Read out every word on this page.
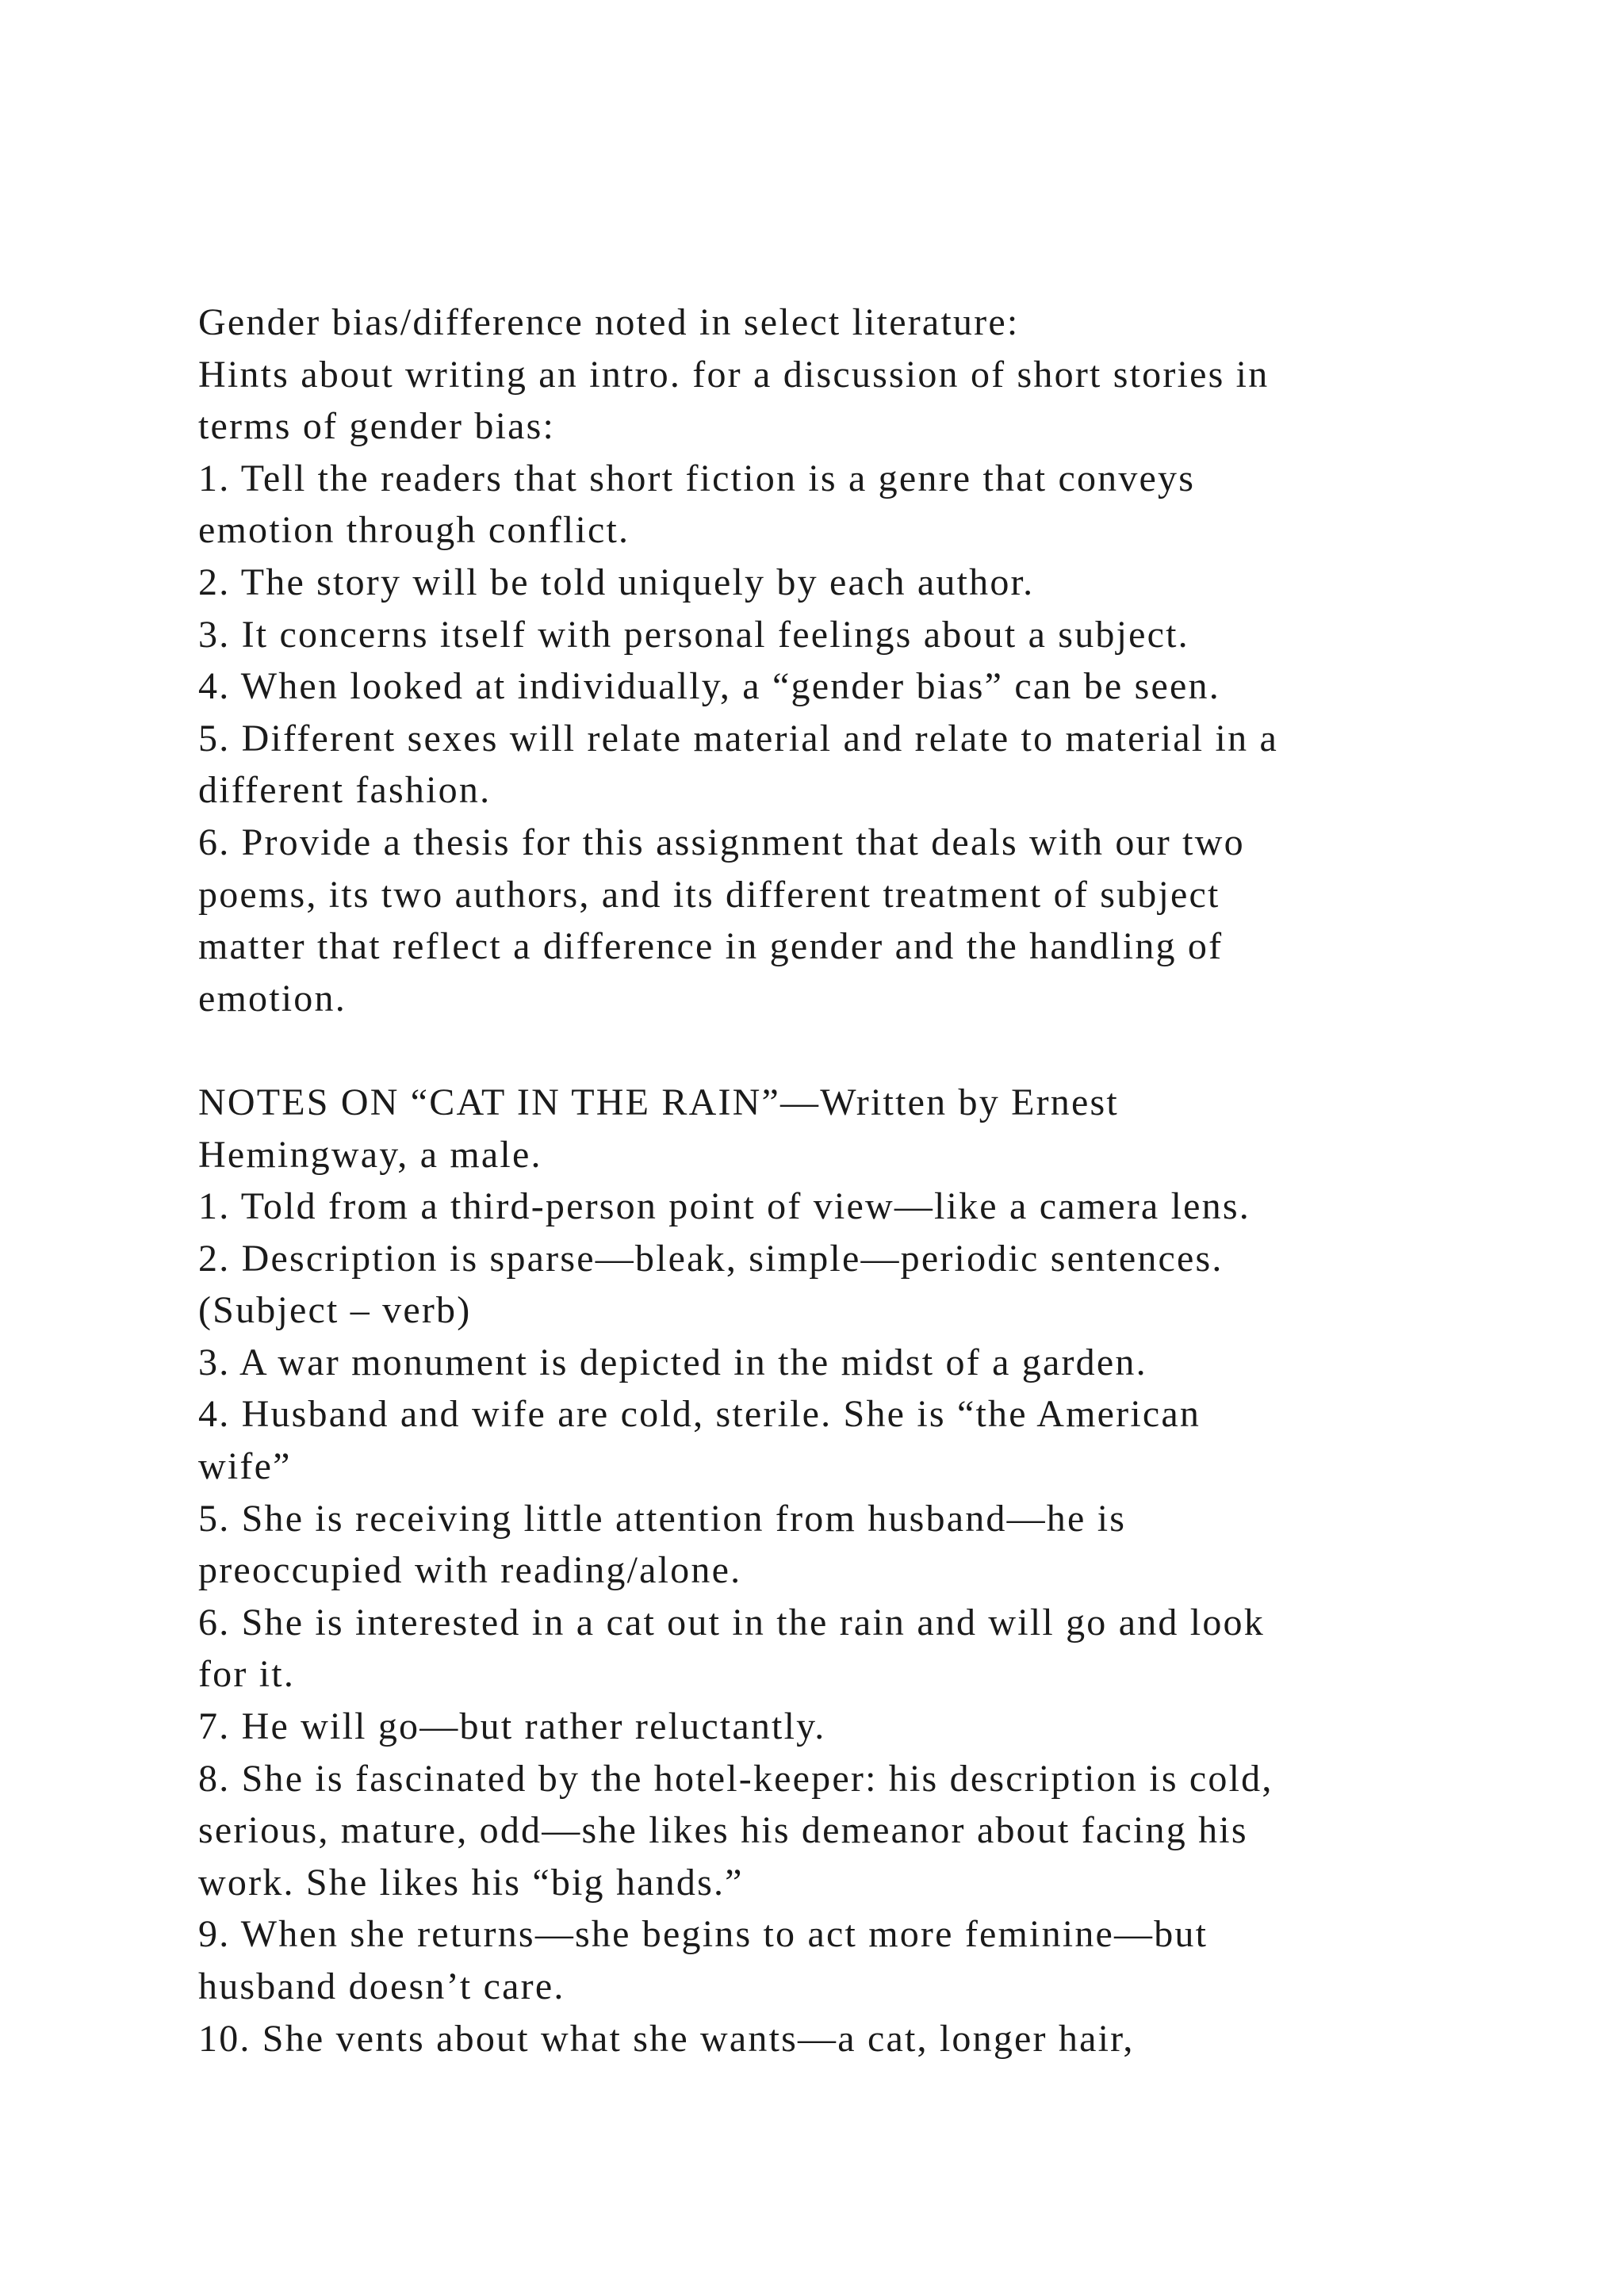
Gender bias/difference noted in select literature:
Hints about writing an intro. for a discussion of short stories in
terms of gender bias:
1. Tell the readers that short fiction is a genre that conveys
emotion through conflict.
2. The story will be told uniquely by each author.
3. It concerns itself with personal feelings about a subject.
4. When looked at individually, a “gender bias” can be seen.
5. Different sexes will relate material and relate to material in a
different fashion.
6. Provide a thesis for this assignment that deals with our two
poems, its two authors, and its different treatment of subject
matter that reflect a difference in gender and the handling of
emotion.
NOTES ON “CAT IN THE RAIN”—Written by Ernest
Hemingway, a male.
1. Told from a third-person point of view—like a camera lens.
2. Description is sparse—bleak, simple—periodic sentences.
(Subject – verb)
3. A war monument is depicted in the midst of a garden.
4. Husband and wife are cold, sterile. She is “the American
wife”
5. She is receiving little attention from husband—he is
preoccupied with reading/alone.
6. She is interested in a cat out in the rain and will go and look
for it.
7. He will go—but rather reluctantly.
8. She is fascinated by the hotel-keeper: his description is cold,
serious, mature, odd—she likes his demeanor about facing his
work. She likes his “big hands.”
9. When she returns—she begins to act more feminine—but
husband doesn’t care.
10. She vents about what she wants—a cat, longer hair,
